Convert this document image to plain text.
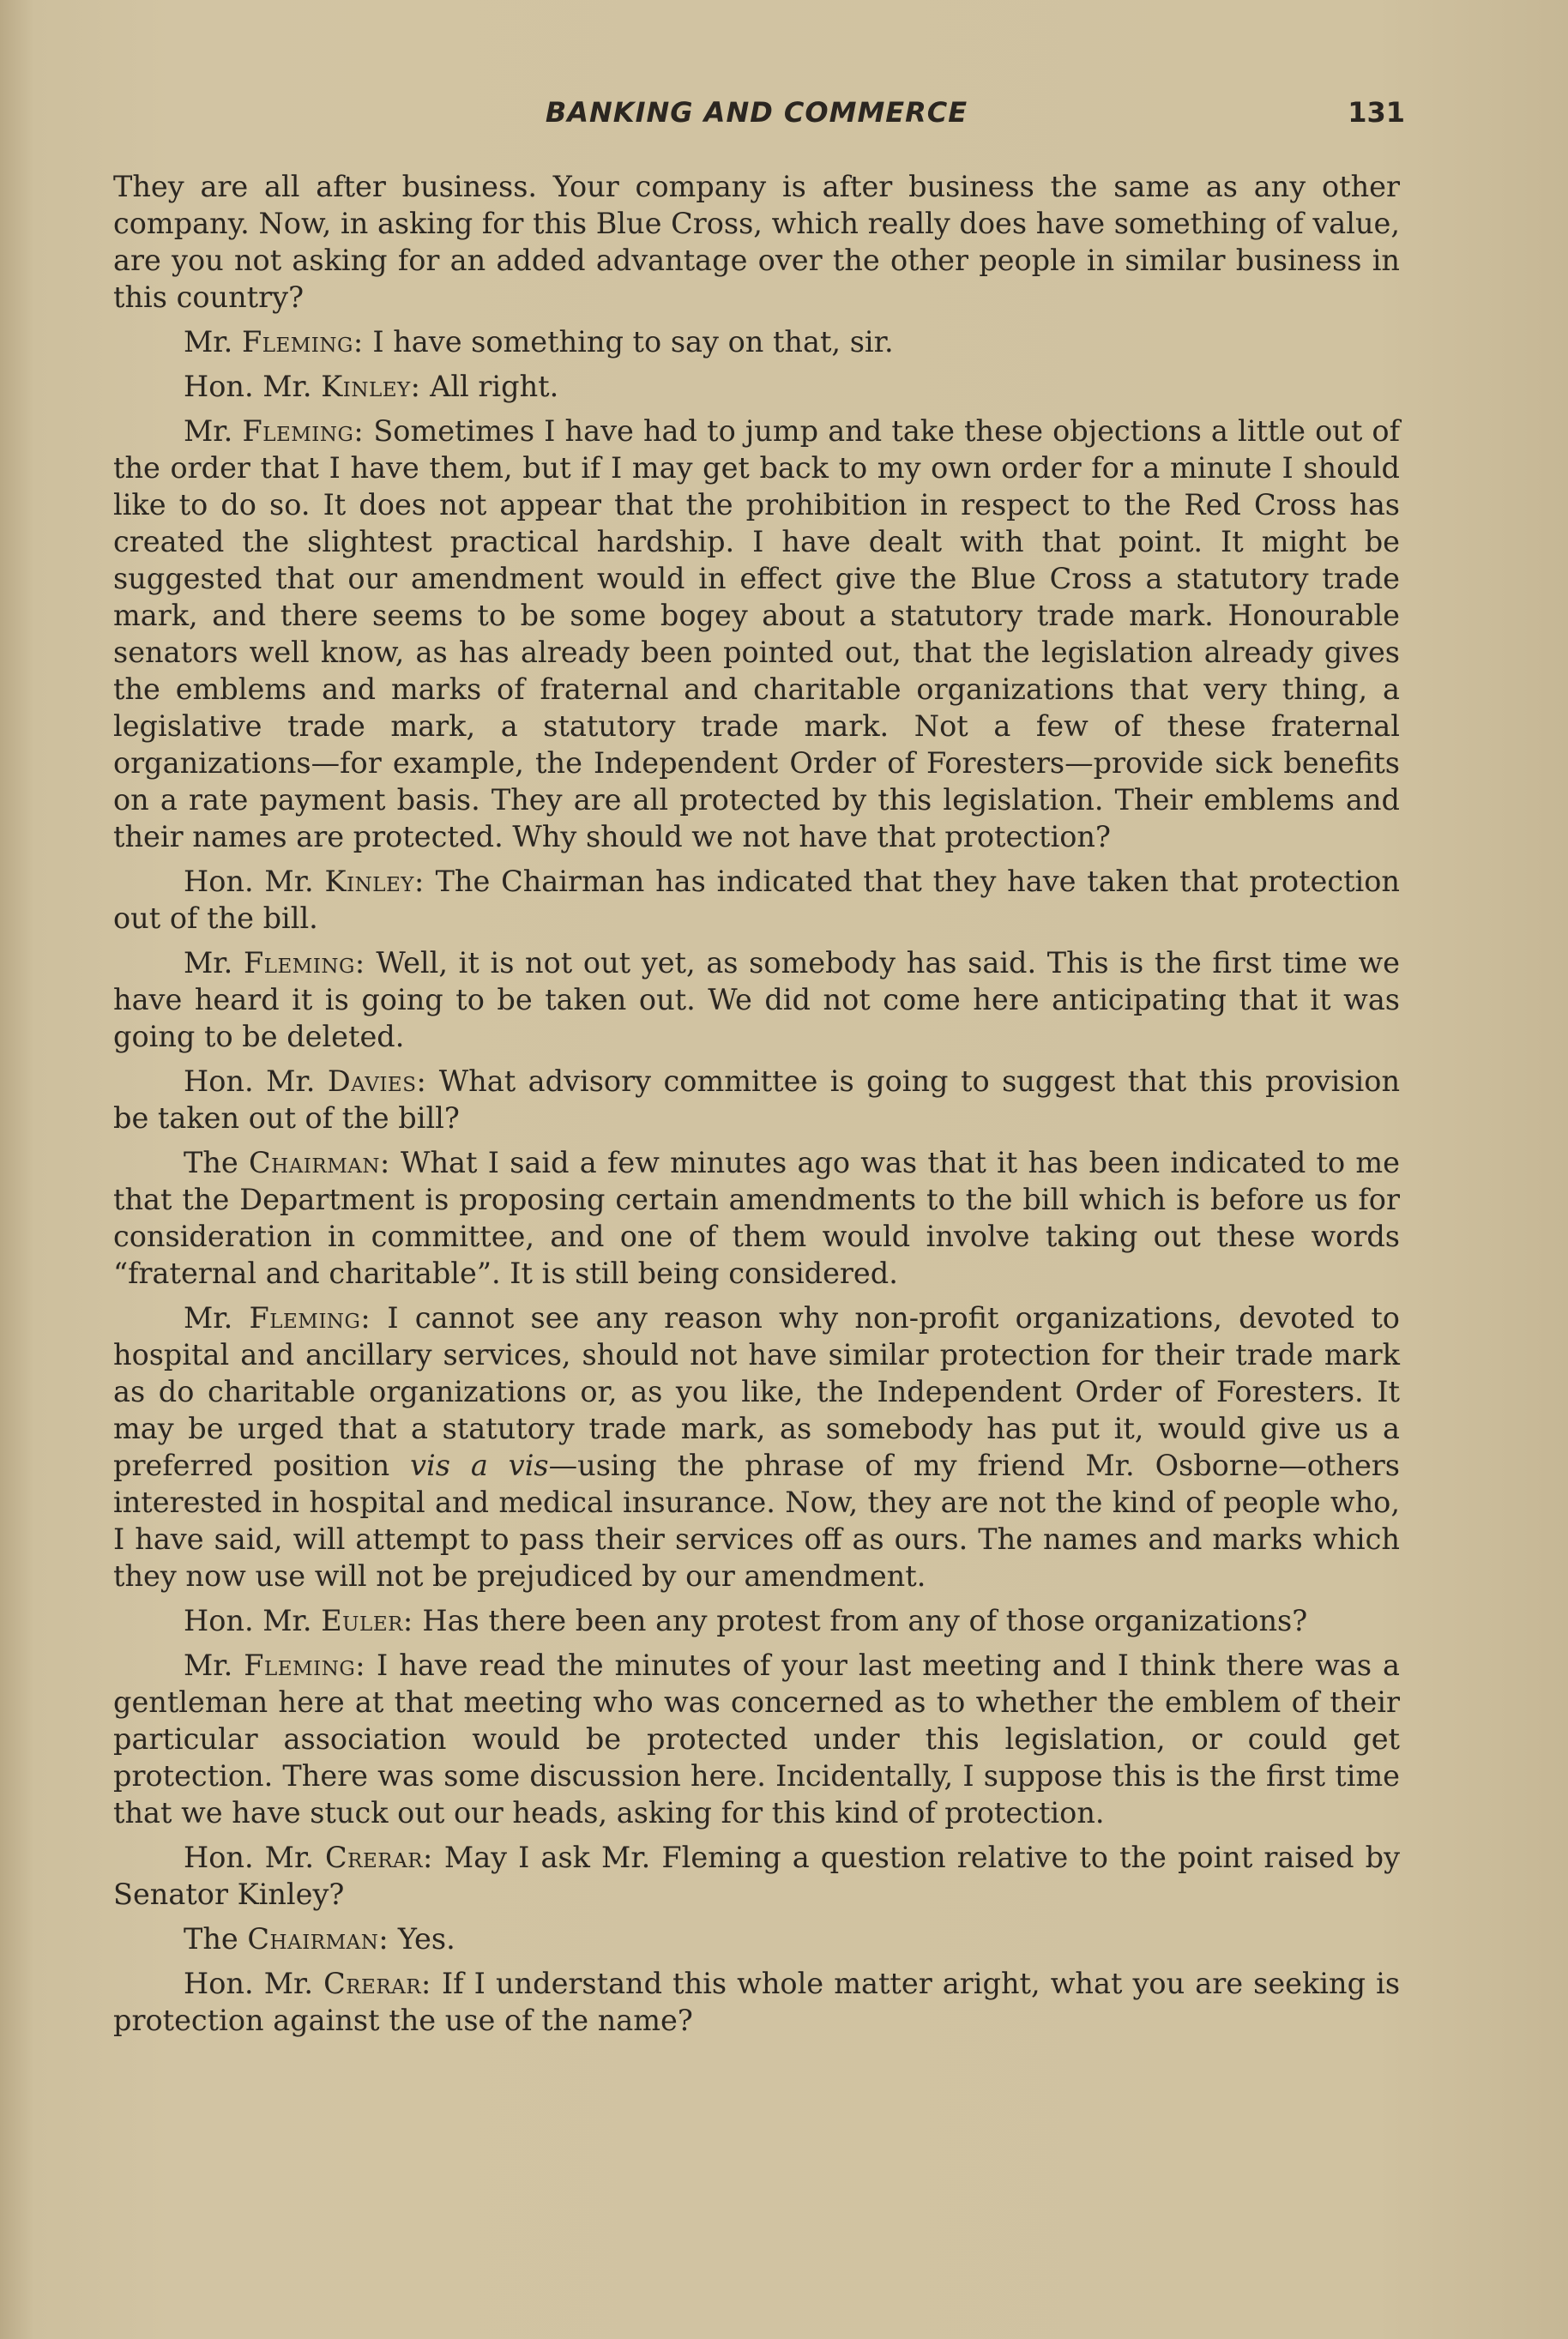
BANKING AND COMMERCE	131

They are all after business. Your company is after business the same as any other company. Now, in asking for this Blue Cross, which really does have something of value, are you not asking for an added advantage over the other people in similar business in this country?

Mr. Fleming: I have something to say on that, sir.

Hon. Mr. Kinley: All right.

Mr. Fleming: Sometimes I have had to jump and take these objections a little out of the order that I have them, but if I may get back to my own order for a minute I should like to do so. It does not appear that the prohibition in respect to the Red Cross has created the slightest practical hardship. I have dealt with that point. It might be suggested that our amendment would in effect give the Blue Cross a statutory trade mark, and there seems to be some bogey about a statutory trade mark. Honourable senators well know, as has already been pointed out, that the legislation already gives the emblems and marks of fraternal and charitable organizations that very thing, a legislative trade mark, a statutory trade mark. Not a few of these fraternal organizations—for example, the Independent Order of Foresters—provide sick benefits on a rate payment basis. They are all protected by this legislation. Their emblems and their names are protected. Why should we not have that protection?

Hon. Mr. Kinley: The Chairman has indicated that they have taken that protection out of the bill.

Mr. Fleming: Well, it is not out yet, as somebody has said. This is the first time we have heard it is going to be taken out. We did not come here anticipating that it was going to be deleted.

Hon. Mr. Davies: What advisory committee is going to suggest that this provision be taken out of the bill?

The Chairman: What I said a few minutes ago was that it has been indicated to me that the Department is proposing certain amendments to the bill which is before us for consideration in committee, and one of them would involve taking out these words “fraternal and charitable”. It is still being considered.

Mr. Fleming: I cannot see any reason why non-profit organizations, devoted to hospital and ancillary services, should not have similar protection for their trade mark as do charitable organizations or, as you like, the Independent Order of Foresters. It may be urged that a statutory trade mark, as somebody has put it, would give us a preferred position vis a vis—using the phrase of my friend Mr. Osborne—others interested in hospital and medical insurance. Now, they are not the kind of people who, I have said, will attempt to pass their services off as ours. The names and marks which they now use will not be prejudiced by our amendment.

Hon. Mr. Euler: Has there been any protest from any of those organizations?

Mr. Fleming: I have read the minutes of your last meeting and I think there was a gentleman here at that meeting who was concerned as to whether the emblem of their particular association would be protected under this legislation, or could get protection. There was some discussion here. Incidentally, I suppose this is the first time that we have stuck out our heads, asking for this kind of protection.

Hon. Mr. Crerar: May I ask Mr. Fleming a question relative to the point raised by Senator Kinley?

The Chairman: Yes.

Hon. Mr. Crerar: If I understand this whole matter aright, what you are seeking is protection against the use of the name?
